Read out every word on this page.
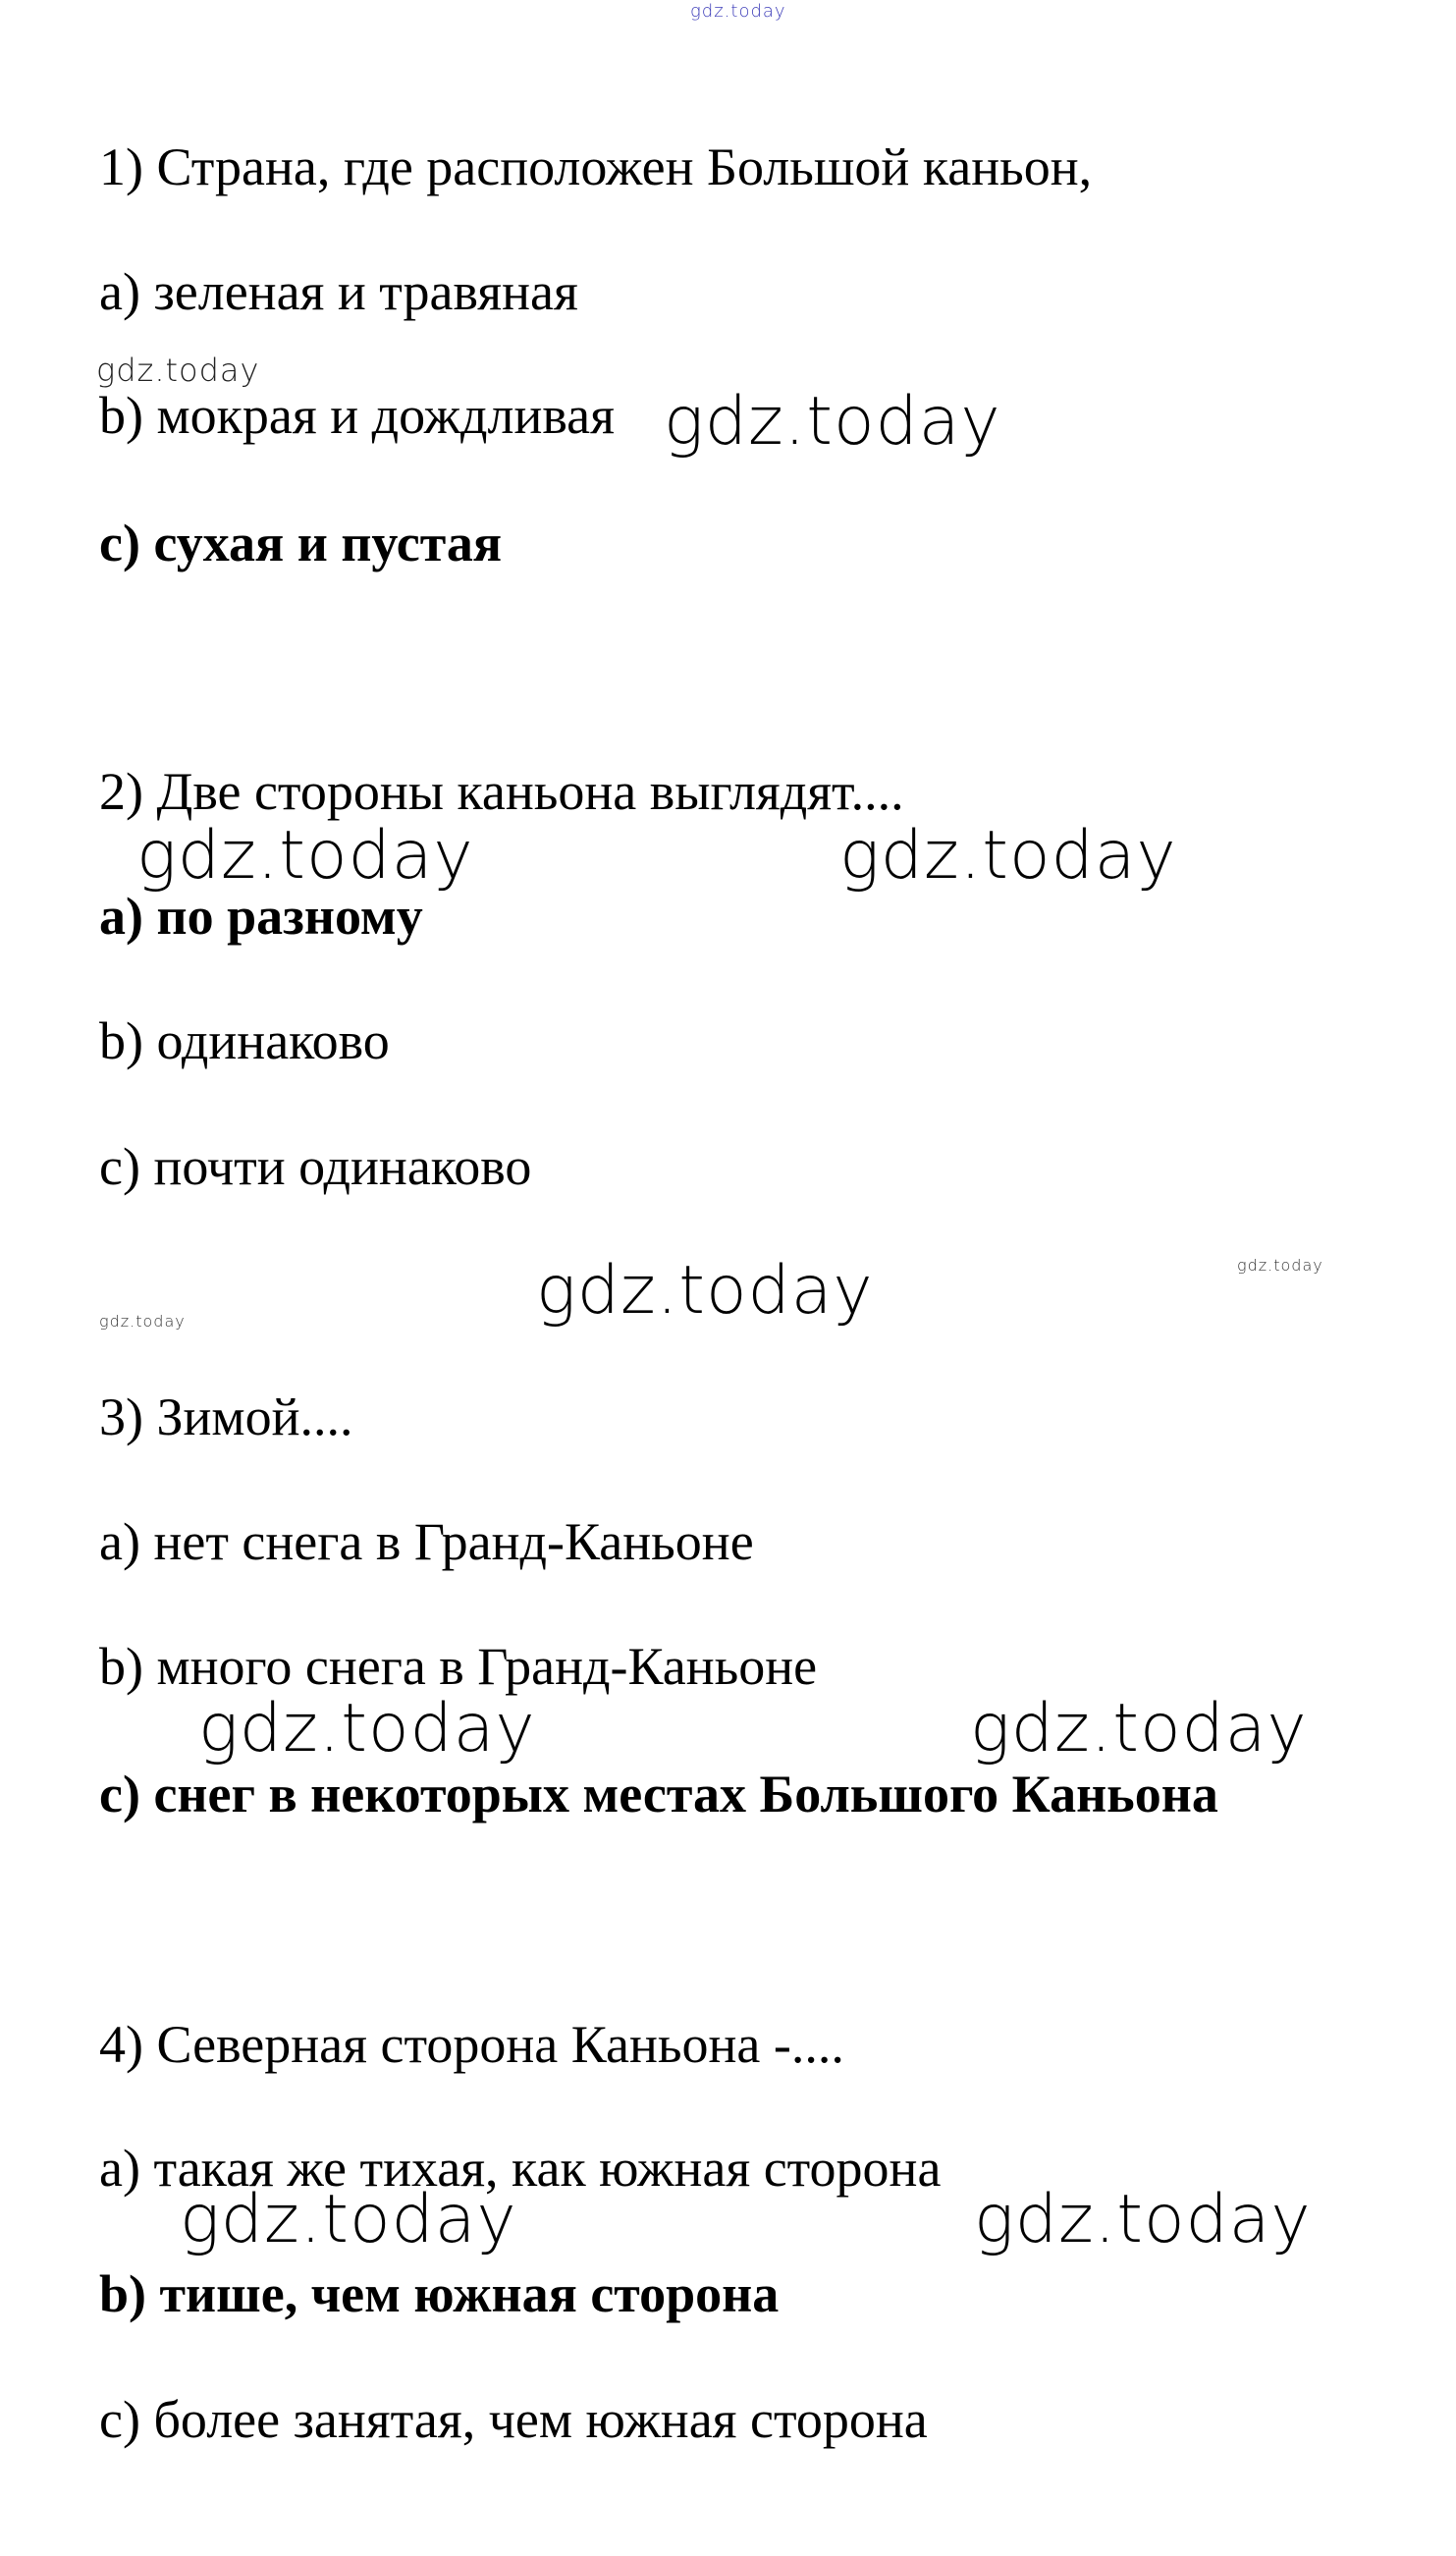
gdz.today
gdz.today
gdz.today
gdz.today	gdz.today
gdz.today	gdz.today
gdz.today
gdz.today	gdz.today
gdz.today	gdz.today
1) Страна, где расположен Большой каньон,
a) зеленая и травяная
b) мокрая и дождливая
c) сухая и пустая
2) Две стороны каньона выглядят....
a) по разному
b) одинаково
c) почти одинаково
3) Зимой....
a) нет снега в Гранд-Каньоне
b) много снега в Гранд-Каньоне
c) снег в некоторых местах Большого Каньона
4) Северная сторона Каньона -....
a) такая же тихая, как южная сторона
b) тише, чем южная сторона
c) более занятая, чем южная сторона
